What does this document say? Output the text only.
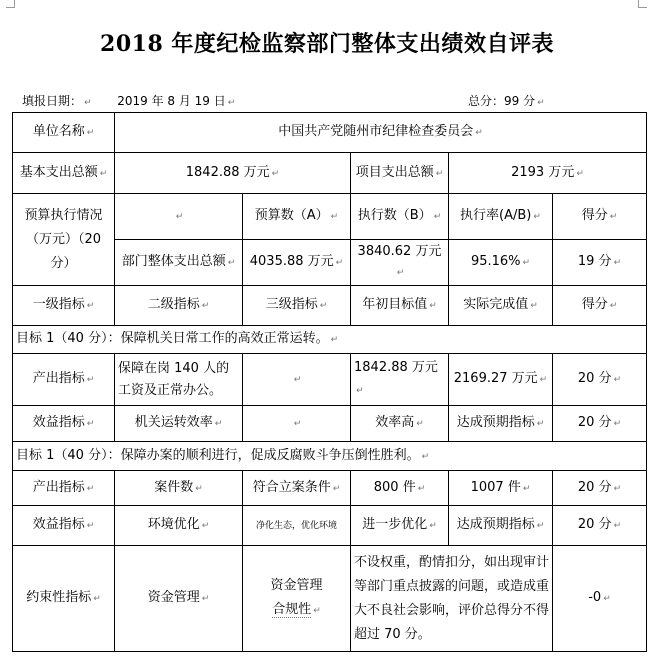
2018 年度纪检监察部门整体支出绩效自评表
填报日期： ↵ 2019 年 8 月 19 日 ↵	总分：99 分 ↵
单位名称 ↵	中国共产党随州市纪律检查委员会 ↵				
基本支出总额 ↵	1842.88 万元 ↵		项目支出总额 ↵	2193 万元 ↵	
预算执行情况（万元）（20 分）	↵	预算数（A） ↵	执行数（B） ↵	执行率(A/B) ↵	得分 ↵
	部门整体支出总额 ↵	4035.88 万元 ↵	3840.62 万元↵	95.16% ↵	19 分 ↵
一级指标 ↵	二级指标 ↵	三级指标 ↵	年初目标值 ↵	实际完成值 ↵	得分 ↵
目标 1（40 分）：保障机关日常工作的高效正常运转。 ↵					
产出指标 ↵	保障在岗 140 人的工资及正常办公。	↵	1842.88 万元↵	2169.27 万元 ↵	20 分 ↵
效益指标 ↵	机关运转效率 ↵	↵	效率高 ↵	达成预期指标 ↵	20 分 ↵
目标 1（40 分）：保障办案的顺利进行，促成反腐败斗争压倒性胜利。 ↵					
产出指标 ↵	案件数 ↵	符合立案条件 ↵	800 件 ↵	1007 件 ↵	20 分 ↵
效益指标 ↵	环境优化 ↵	净化生态，优化环境	进一步优化 ↵	达成预期指标 ↵	20 分 ↵
约束性指标 ↵	资金管理 ↵	资金管理
合规性 ↵	不设权重，酌情扣分，如出现审计等部门重点披露的问题，或造成重大不良社会影响，评价总得分不得超过 70 分。		-0 ↵
